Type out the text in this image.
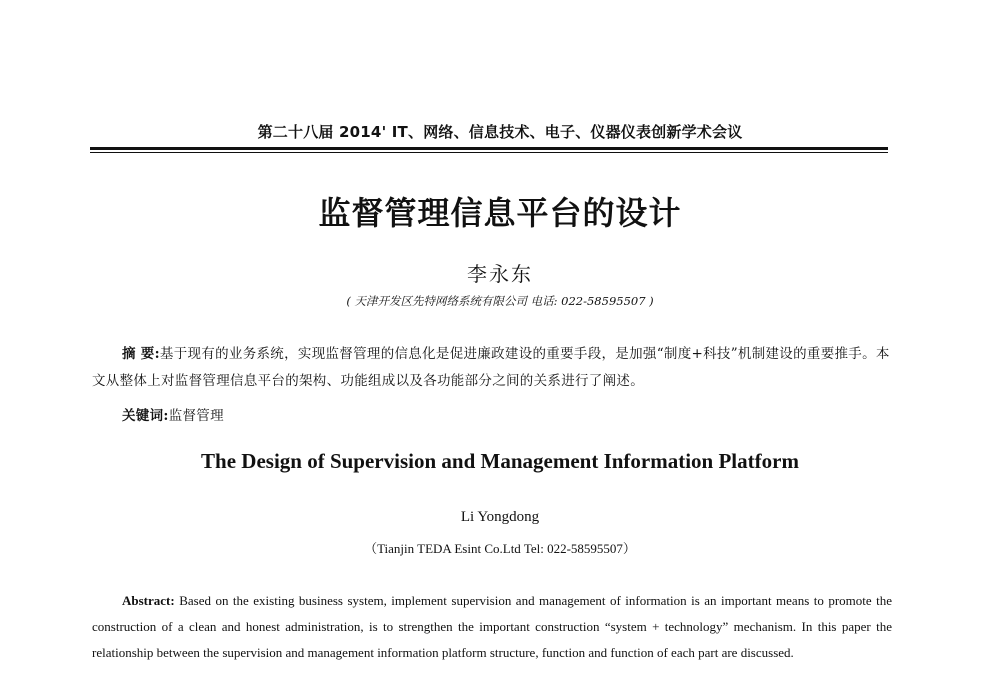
第二十八届 2014' IT、网络、信息技术、电子、仪器仪表创新学术会议
监督管理信息平台的设计
李永东
( 天津开发区先特网络系统有限公司 电话: 022-58595507 )
摘 要:基于现有的业务系统，实现监督管理的信息化是促进廉政建设的重要手段，是加强“制度+科技”机制建设的重要推手。本文从整体上对监督管理信息平台的架构、功能组成以及各功能部分之间的关系进行了阐述。
关键词:监督管理
The Design of Supervision and Management Information Platform
Li Yongdong
（Tianjin TEDA Esint Co.Ltd Tel: 022-58595507）
Abstract: Based on the existing business system, implement supervision and management of information is an important means to promote the construction of a clean and honest administration, is to strengthen the important construction “system + technology” mechanism. In this paper the relationship between the supervision and management information platform structure, function and function of each part are discussed.
